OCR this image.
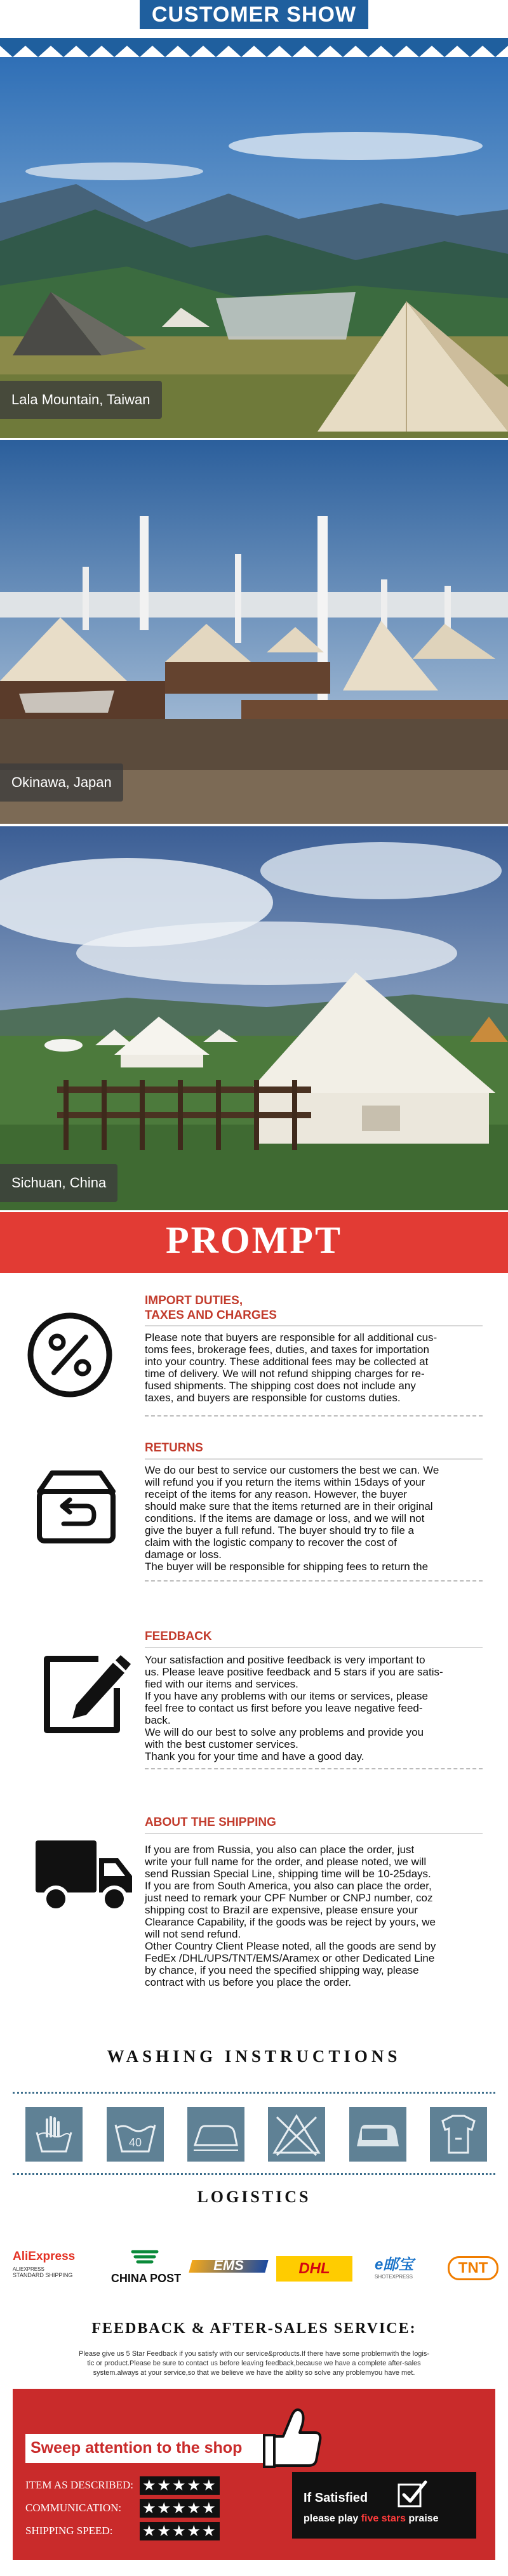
CUSTOMER SHOW
Lala Mountain, Taiwan
Okinawa, Japan
Sichuan, China
PROMPT
IMPORT DUTIES,
TAXES AND CHARGES
Please note that buyers are responsible for all additional cus-
toms fees, brokerage fees, duties, and taxes for importation
into your country. These additional fees may be collected at
time of delivery. We will not refund shipping charges for re-
fused shipments. The shipping cost does not include any
taxes, and buyers are responsible for customs duties.
RETURNS
We do our best to service our customers the best we can. We
will refund you if you return the items within 15days of your
receipt of the items for any reason. However, the buyer
should make sure that the items returned are in their original
conditions. If the items are damage or loss, and we will not
give the buyer a full refund. The buyer should try to file a
claim with the logistic company to recover the cost of
damage or loss.
The buyer will be responsible for shipping fees to return the
FEEDBACK
Your satisfaction and positive feedback is very important to
us. Please leave positive feedback and 5 stars if you are satis-
fied with our items and services.
If you have any problems with our items or services, please
feel free to contact us first before you leave negative feed-
back.
We will do our best to solve any problems and provide you
with the best customer services.
Thank you for your time and have a good day.
ABOUT THE SHIPPING
If you are from Russia, you also can place the order, just
write your full name for the order, and please noted, we will
send Russian Special Line, shipping time will be 10-25days.
If you are from South America, you also can place the order,
just need to remark your CPF Number or CNPJ number, coz
shipping cost to Brazil are expensive, please ensure your
Clearance Capability, if the goods was be reject by yours, we
will not send refund.
Other Country Client Please noted, all the goods are send by
FedEx /DHL/UPS/TNT/EMS/Aramex or other Dedicated Line
by chance, if you need the specified shipping way, please
contract with us before you place the order.
WASHING INSTRUCTIONS
40
LOGISTICS
AliExpress
ALIEXPRESS
STANDARD SHIPPING	CHINA POST
EMS	DHL	e邮宝
SHOTEXPRESS
TNT
FEEDBACK & AFTER-SALES SERVICE:
Please give us 5 Star Feedback if you satisfy with our service&products.If there have some problemwith the logis-
tic or product.Please be sure to contact us before leaving feedback,because we have a complete after-sales
system.always at your service,so that we believe we have the ability so solve any problemyou have met.
Sweep attention to the shop
If Satisfied
please play five stars praise
ITEM AS DESCRIBED: ★★★★★
COMMUNICATION:	★★★★★
SHIPPING SPEED:	★★★★★
